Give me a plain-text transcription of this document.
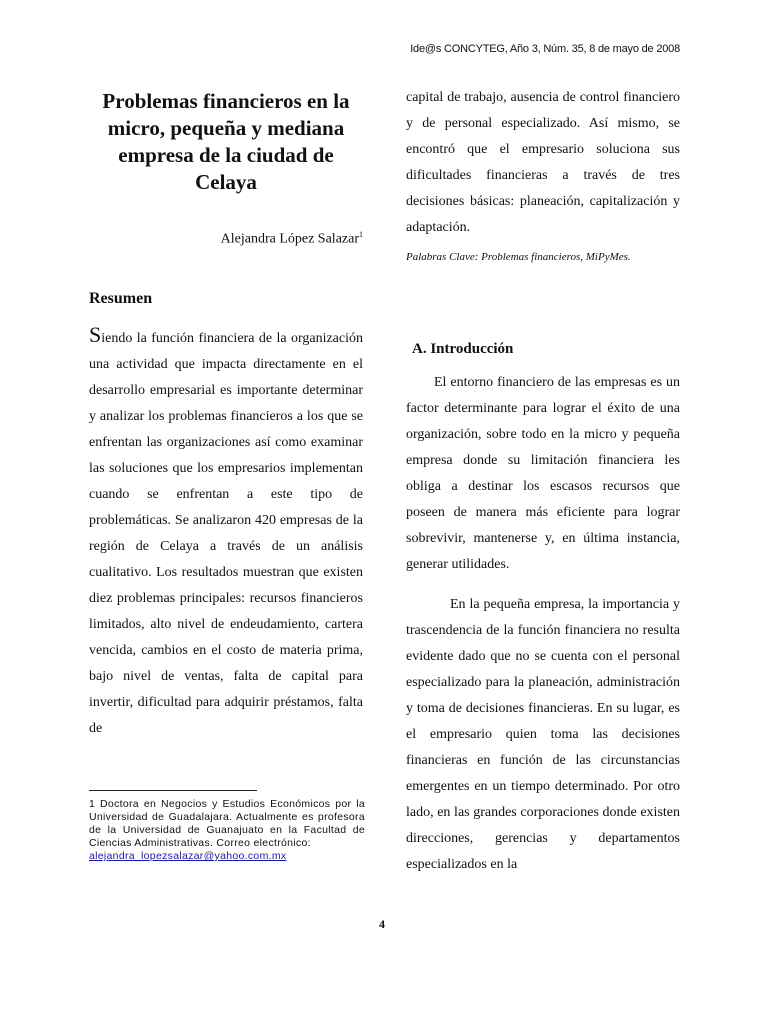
Ide@s CONCYTEG, Año 3, Núm. 35, 8 de mayo de 2008
Problemas financieros en la micro, pequeña y mediana empresa de la ciudad de Celaya
Alejandra López Salazar$^1$
Resumen

Siendo la función financiera de la organización una actividad que impacta directamente en el desarrollo empresarial es importante determinar y analizar los problemas financieros a los que se enfrentan las organizaciones así como examinar las soluciones que los empresarios implementan cuando se enfrentan a este tipo de problemáticas. Se analizaron 420 empresas de la región de Celaya a través de un análisis cualitativo. Los resultados muestran que existen diez problemas principales: recursos financieros limitados, alto nivel de endeudamiento, cartera vencida, cambios en el costo de materia prima, bajo nivel de ventas, falta de capital para invertir, dificultad para adquirir préstamos, falta de

capital de trabajo, ausencia de control financiero y de personal especializado. Así mismo, se encontró que el empresario soluciona sus dificultades financieras a través de tres decisiones básicas: planeación, capitalización y adaptación.

Palabras Clave: Problemas financieros, MiPyMes.
A. Introducción

El entorno financiero de las empresas es un factor determinante para lograr el éxito de una organización, sobre todo en la micro y pequeña empresa donde su limitación financiera les obliga a destinar los escasos recursos que poseen de manera más eficiente para lograr sobrevivir, mantenerse y, en última instancia, generar utilidades.

En la pequeña empresa, la importancia y trascendencia de la función financiera no resulta evidente dado que no se cuenta con el personal especializado para la planeación, administración y toma de decisiones financieras. En su lugar, es el empresario quien toma las decisiones financieras en función de las circunstancias emergentes en un tiempo determinado. Por otro lado, en las grandes corporaciones donde existen direcciones, gerencias y departamentos especializados en la

1 Doctora en Negocios y Estudios Económicos por la Universidad de Guadalajara. Actualmente es profesora de la Universidad de Guanajuato en la Facultad de Ciencias Administrativas. Correo electrónico:
alejandra_lopezsalazar@yahoo.com.mx
4
